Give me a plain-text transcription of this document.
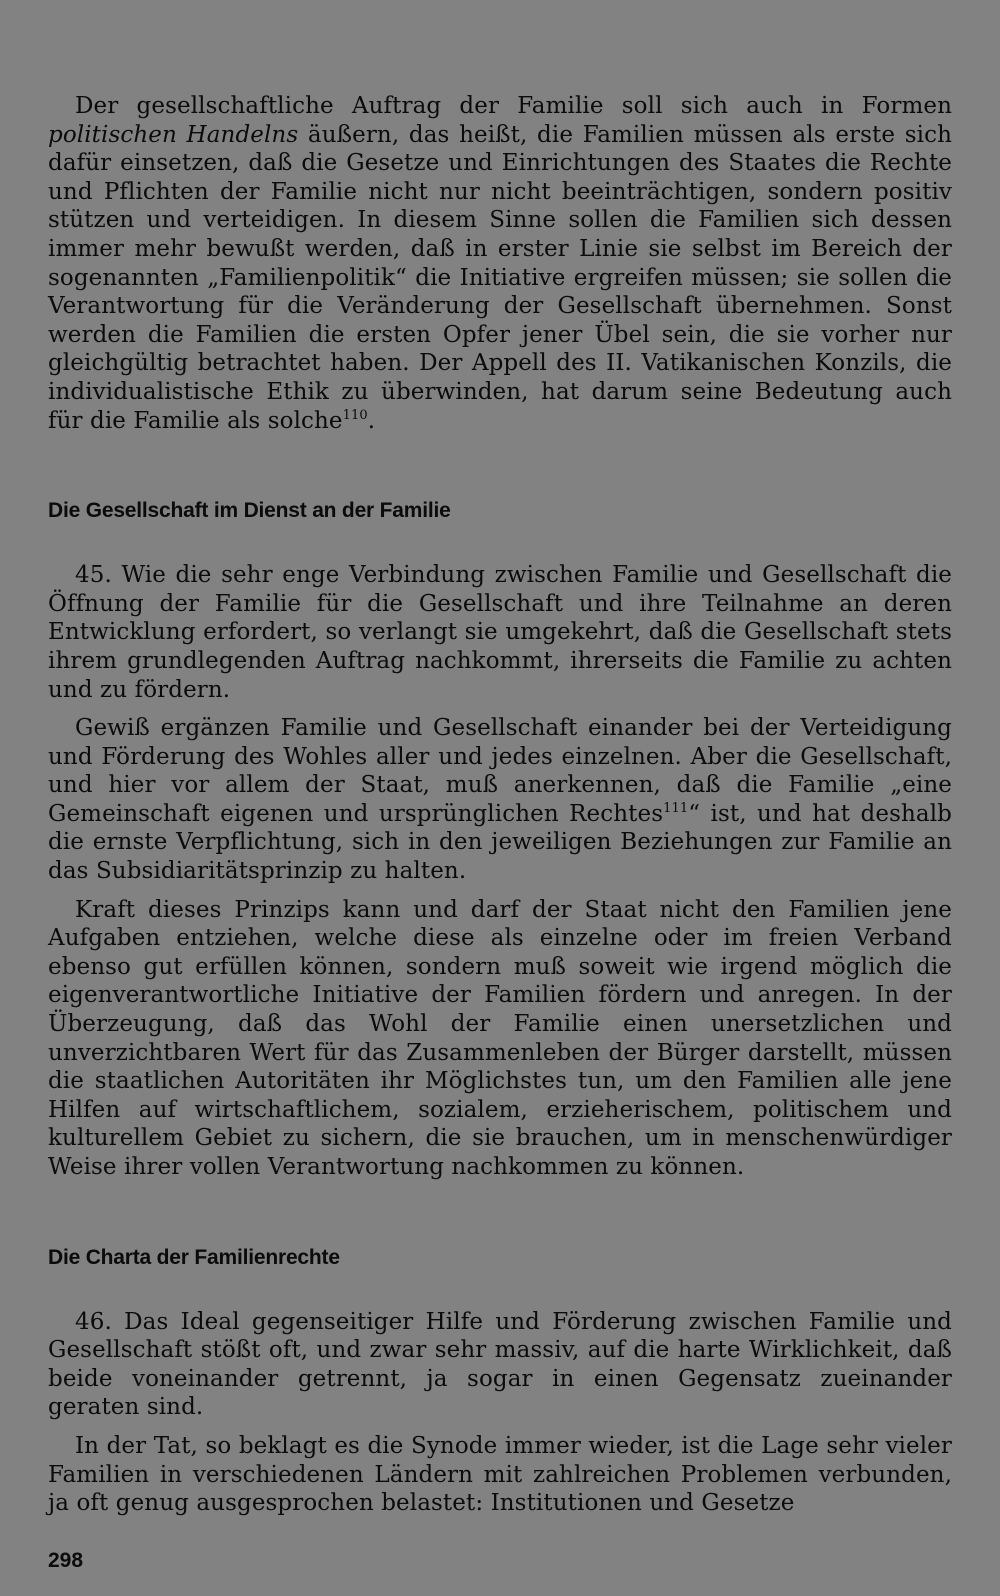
Der gesellschaftliche Auftrag der Familie soll sich auch in Formen politischen Handelns äußern, das heißt, die Familien müssen als erste sich dafür einsetzen, daß die Gesetze und Einrichtungen des Staates die Rechte und Pflichten der Familie nicht nur nicht beeinträchtigen, sondern positiv stützen und verteidigen. In diesem Sinne sollen die Familien sich dessen immer mehr bewußt werden, daß in erster Linie sie selbst im Bereich der sogenannten „Familienpolitik“ die Initiative ergreifen müssen; sie sollen die Verantwortung für die Veränderung der Gesellschaft übernehmen. Sonst werden die Familien die ersten Opfer jener Übel sein, die sie vorher nur gleichgültig betrachtet haben. Der Appell des II. Vatikanischen Konzils, die individualistische Ethik zu überwinden, hat darum seine Bedeutung auch für die Familie als solche$^{110}$.

Die Gesellschaft im Dienst an der Familie

45. Wie die sehr enge Verbindung zwischen Familie und Gesellschaft die Öffnung der Familie für die Gesellschaft und ihre Teilnahme an deren Entwicklung erfordert, so verlangt sie umgekehrt, daß die Gesellschaft stets ihrem grundlegenden Auftrag nachkommt, ihrerseits die Familie zu achten und zu fördern.

Gewiß ergänzen Familie und Gesellschaft einander bei der Verteidigung und Förderung des Wohles aller und jedes einzelnen. Aber die Gesellschaft, und hier vor allem der Staat, muß anerkennen, daß die Familie „eine Gemeinschaft eigenen und ursprünglichen Rechtes$^{111}$“ ist, und hat deshalb die ernste Verpflichtung, sich in den jeweiligen Beziehungen zur Familie an das Subsidiaritätsprinzip zu halten.

Kraft dieses Prinzips kann und darf der Staat nicht den Familien jene Aufgaben entziehen, welche diese als einzelne oder im freien Verband ebenso gut erfüllen können, sondern muß soweit wie irgend möglich die eigenverantwortliche Initiative der Familien fördern und anregen. In der Überzeugung, daß das Wohl der Familie einen unersetzlichen und unverzichtbaren Wert für das Zusammenleben der Bürger darstellt, müssen die staatlichen Autoritäten ihr Möglichstes tun, um den Familien alle jene Hilfen auf wirtschaftlichem, sozialem, erzieherischem, politischem und kulturellem Gebiet zu sichern, die sie brauchen, um in menschenwürdiger Weise ihrer vollen Verantwortung nachkommen zu können.

Die Charta der Familienrechte

46. Das Ideal gegenseitiger Hilfe und Förderung zwischen Familie und Gesellschaft stößt oft, und zwar sehr massiv, auf die harte Wirklichkeit, daß beide voneinander getrennt, ja sogar in einen Gegensatz zueinander geraten sind.

In der Tat, so beklagt es die Synode immer wieder, ist die Lage sehr vieler Familien in verschiedenen Ländern mit zahlreichen Problemen verbunden, ja oft genug ausgesprochen belastet: Institutionen und Gesetze

298
